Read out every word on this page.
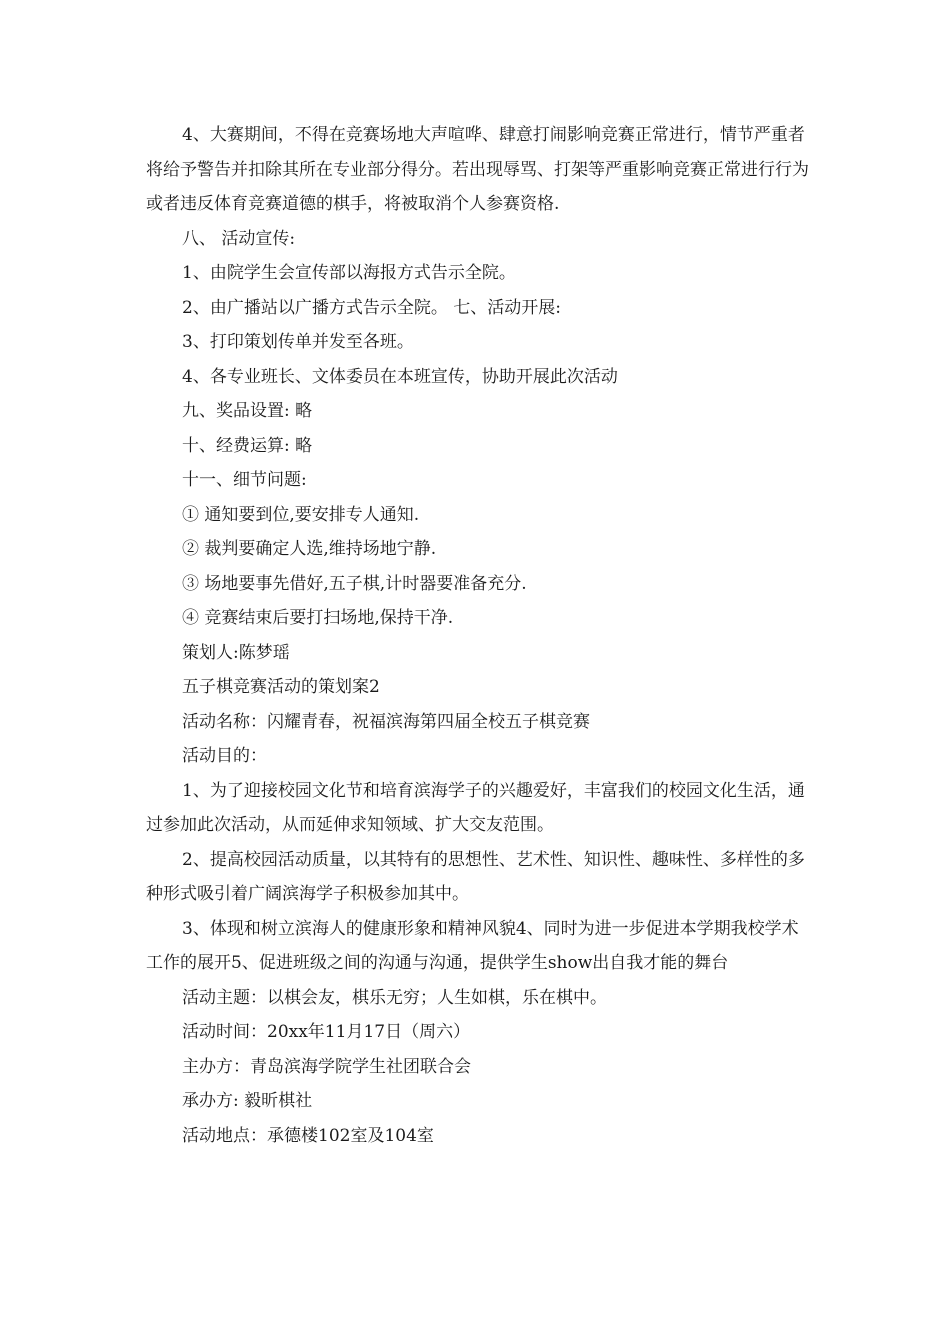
4、大赛期间，不得在竞赛场地大声喧哗、肆意打闹影响竞赛正常进行，情节严重者将给予警告并扣除其所在专业部分得分。若出现辱骂、打架等严重影响竞赛正常进行行为或者违反体育竞赛道德的棋手，将被取消个人参赛资格.

八、 活动宣传:

1、由院学生会宣传部以海报方式告示全院。

2、由广播站以广播方式告示全院。 七、活动开展:

3、打印策划传单并发至各班。

4、各专业班长、文体委员在本班宣传，协助开展此次活动

九、奖品设置: 略

十、经费运算: 略

十一、细节问题:

① 通知要到位,要安排专人通知.

② 裁判要确定人选,维持场地宁静.

③ 场地要事先借好,五子棋,计时器要准备充分.

④ 竞赛结束后要打扫场地,保持干净.

策划人:陈梦瑶

五子棋竞赛活动的策划案2

活动名称：闪耀青春，祝福滨海第四届全校五子棋竞赛

活动目的：

1、为了迎接校园文化节和培育滨海学子的兴趣爱好，丰富我们的校园文化生活，通过参加此次活动，从而延伸求知领域、扩大交友范围。

2、提高校园活动质量，以其特有的思想性、艺术性、知识性、趣味性、多样性的多种形式吸引着广阔滨海学子积极参加其中。

3、体现和树立滨海人的健康形象和精神风貌4、同时为进一步促进本学期我校学术工作的展开5、促进班级之间的沟通与沟通，提供学生show出自我才能的舞台

活动主题：以棋会友，棋乐无穷；人生如棋，乐在棋中。

活动时间：20xx年11月17日（周六）

主办方：青岛滨海学院学生社团联合会

承办方: 毅昕棋社

活动地点：承德楼102室及104室
